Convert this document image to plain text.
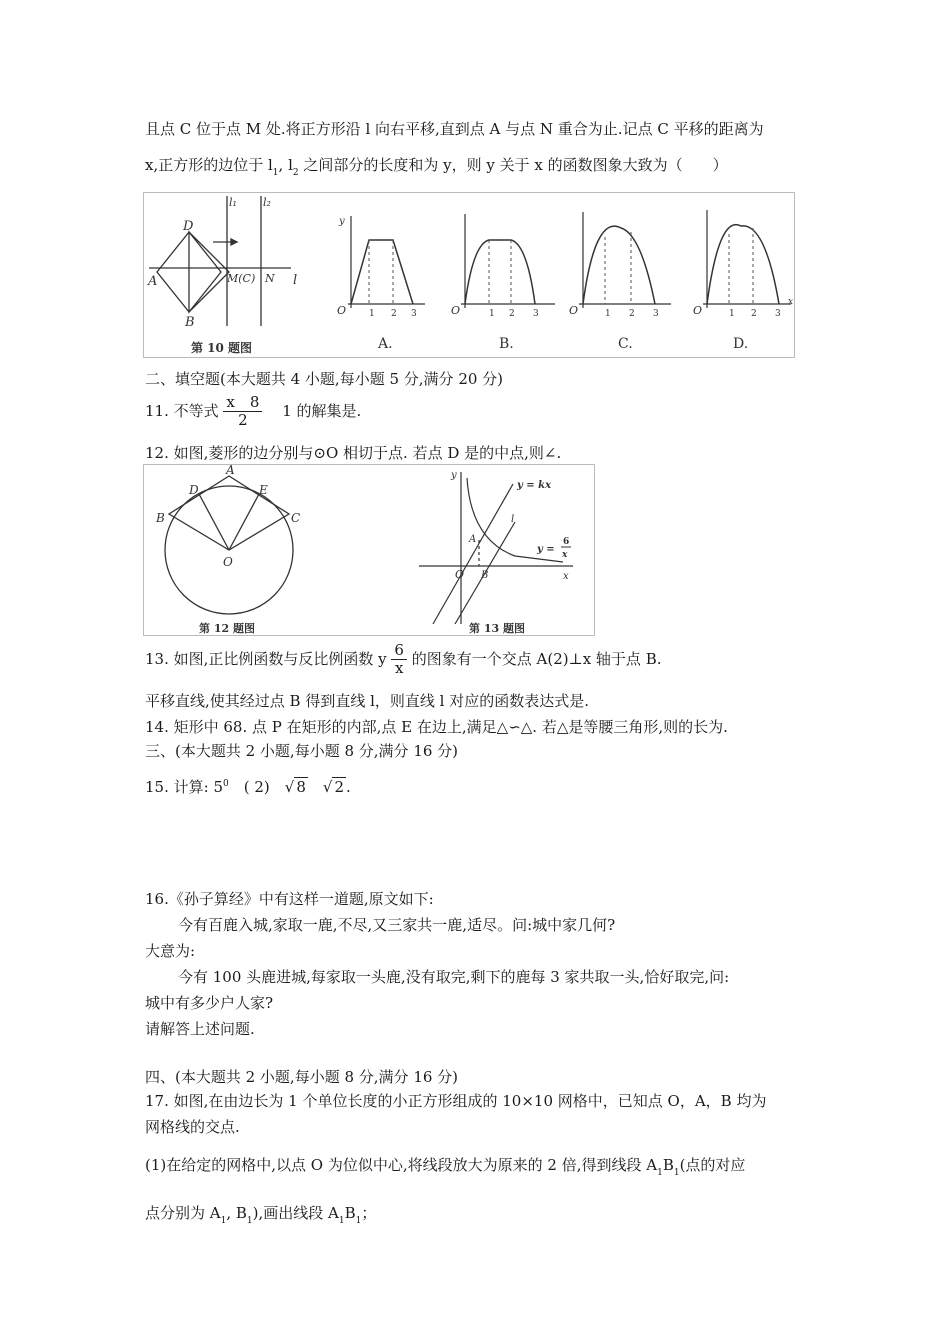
且点 C 位于点 M 处.将正方形沿 l 向右平移,直到点 A 与点 N 重合为止.记点 C 平移的距离为
x,正方形的边位于 $l_1$, $l_2$ 之间部分的长度和为 y，则 y 关于 x 的函数图象大致为（　　）
D
A
B
M(C) N l
l₁ l₂
第 10 题图
O
y
1 2 3
A.
O	1 2 3
B.
O	1 2 3
C.
O	1 2 3
x
D.
二、填空题(本大题共 4 小题,每小题 5 分,满分 20 分)
11. 不等式 $\frac{x 8}{2}$ 　1 的解集是.
12. 如图,菱形的边分别与⊙O 相切于点. 若点 D 是的中点,则∠.
A
B	C
D	E
O
第 12 题图
y
x
O
A
B
l
y = kx
y =
6
x
第 13 题图
13. 如图,正比例函数与反比例函数 y $\frac{6}{x}$ 的图象有一个交点 A(2)⊥x 轴于点 B.
平移直线,使其经过点 B 得到直线 l，则直线 l 对应的函数表达式是.
14. 矩形中 68. 点 P 在矩形的内部,点 E 在边上,满足△∽△. 若△是等腰三角形,则的长为.
三、(本大题共 2 小题,每小题 8 分,满分 16 分)
15. 计算: $5^0$　( 2)　√ 8　√ 2 .
16.《孙子算经》中有这样一道题,原文如下:
今有百鹿入城,家取一鹿,不尽,又三家共一鹿,适尽。问:城中家几何?
大意为:
今有 100 头鹿进城,每家取一头鹿,没有取完,剩下的鹿每 3 家共取一头,恰好取完,问:
城中有多少户人家?
请解答上述问题.
四、(本大题共 2 小题,每小题 8 分,满分 16 分)
17. 如图,在由边长为 1 个单位长度的小正方形组成的 10×10 网格中，已知点 O，A，B 均为
网格线的交点.
(1)在给定的网格中,以点 O 为位似中心,将线段放大为原来的 2 倍,得到线段 $A_1B_1$(点的对应
点分别为 $A_1$, $B_1$),画出线段 $A_1B_1$；
